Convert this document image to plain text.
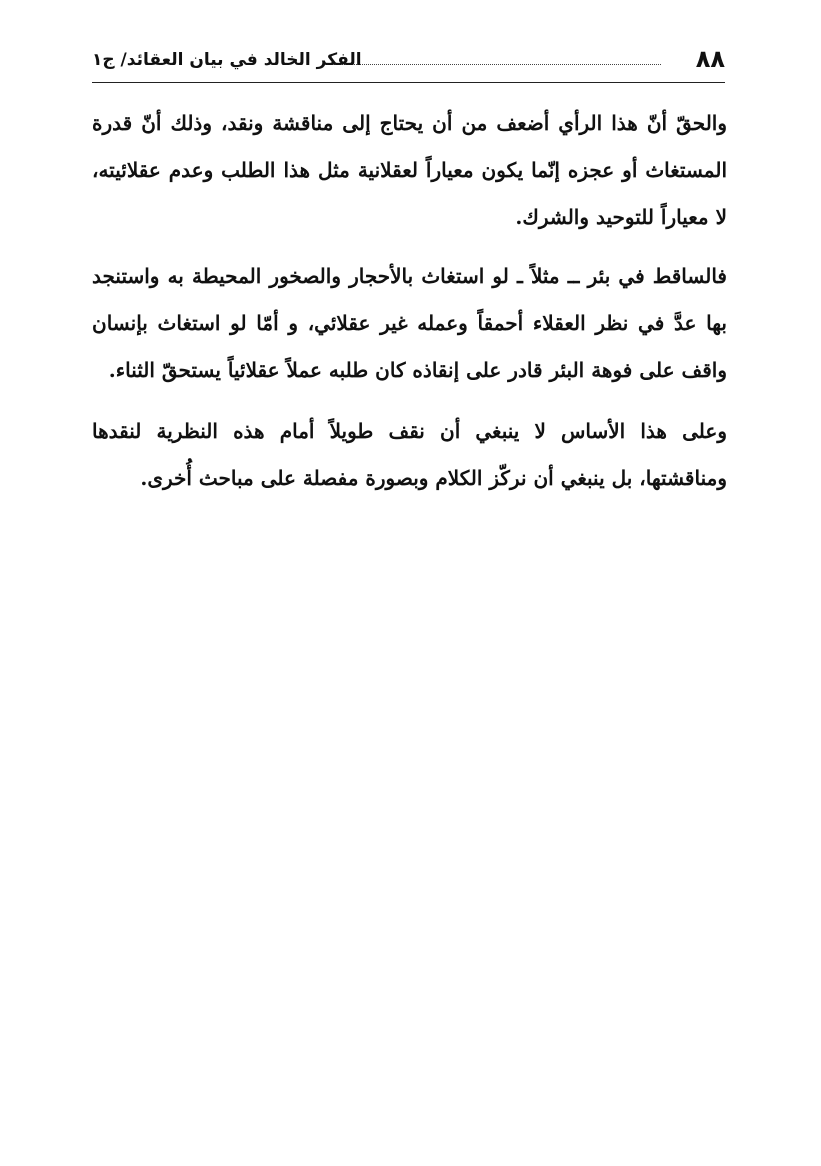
٨٨
الفكر الخالد في بيان العقائد/ ج١

والحقّ أنّ هذا الرأي أضعف من أن يحتاج إلى مناقشة ونقد، وذلك أنّ قدرة المستغاث أو عجزه إنّما يكون معياراً لعقلانية مثل هذا الطلب وعدم عقلائيته، لا معياراً للتوحيد والشرك.

فالساقط في بئر ــ مثلاً ـ لو استغاث بالأحجار والصخور المحيطة به واستنجد بها عدَّ في نظر العقلاء أحمقاً وعمله غير عقلائي، و أمّا لو استغاث بإنسان واقف على فوهة البئر قادر على إنقاذه كان طلبه عملاً عقلائياً يستحقّ الثناء.

وعلى هذا الأساس لا ينبغي أن نقف طويلاً أمام هذه النظرية لنقدها ومناقشتها، بل ينبغي أن نركّز الكلام وبصورة مفصلة على مباحث أُخرى.
